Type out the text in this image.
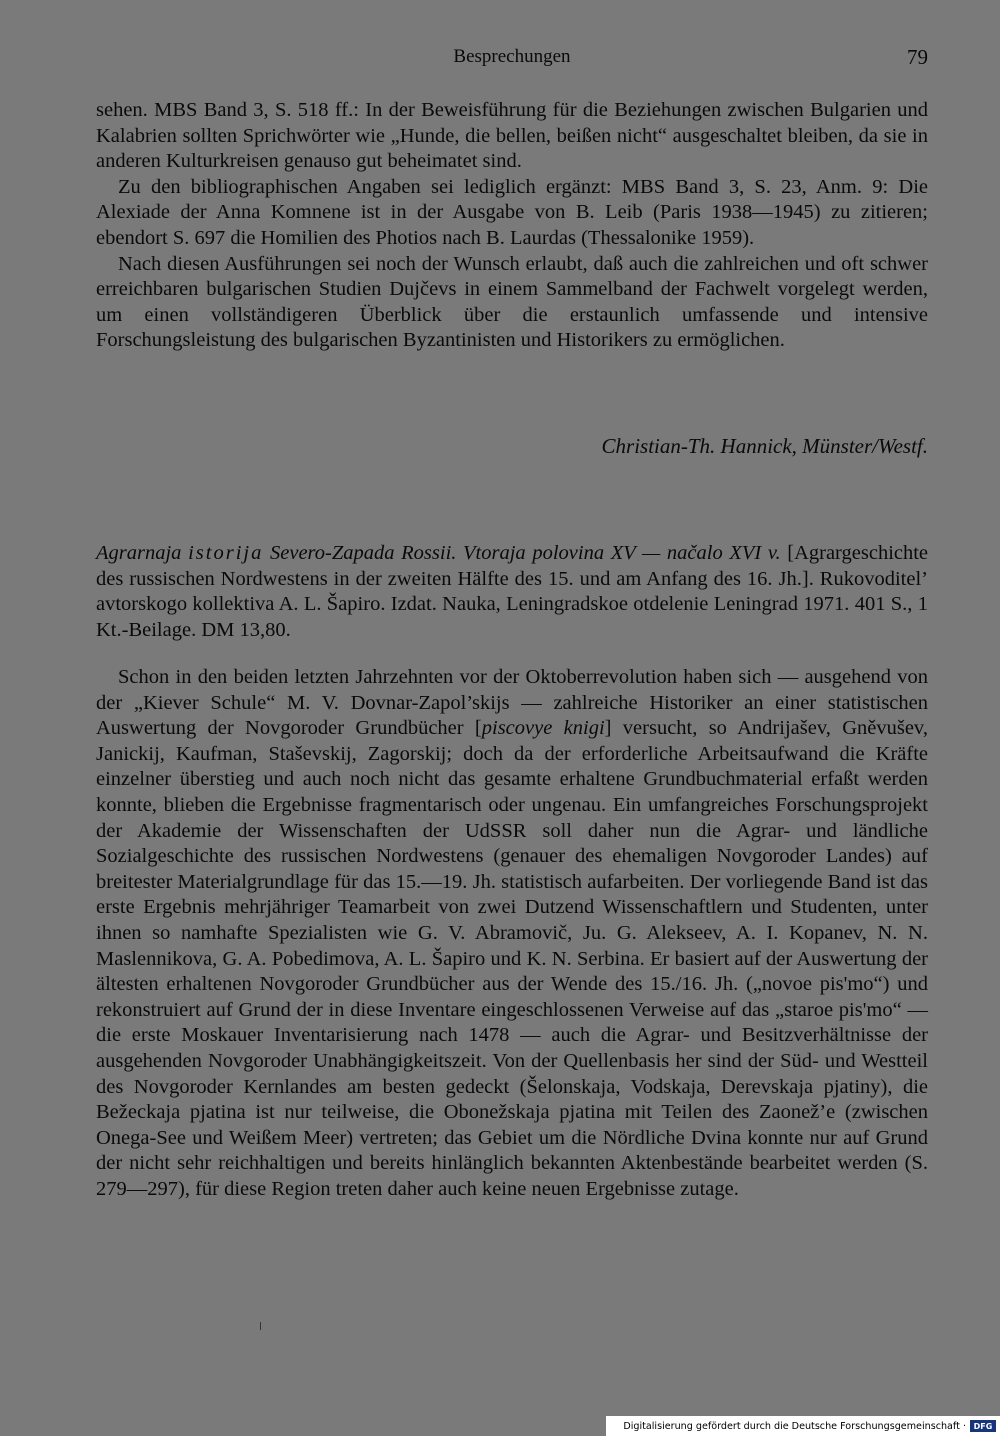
Besprechungen	79

sehen. MBS Band 3, S. 518 ff.: In der Beweisführung für die Beziehungen zwischen Bulgarien und Kalabrien sollten Sprichwörter wie „Hunde, die bellen, beißen nicht“ ausgeschaltet bleiben, da sie in anderen Kulturkreisen genauso gut beheimatet sind.

Zu den bibliographischen Angaben sei lediglich ergänzt: MBS Band 3, S. 23, Anm. 9: Die Alexiade der Anna Komnene ist in der Ausgabe von B. Leib (Paris 1938—1945) zu zitieren; ebendort S. 697 die Homilien des Photios nach B. Laurdas (Thessalonike 1959).

Nach diesen Ausführungen sei noch der Wunsch erlaubt, daß auch die zahlreichen und oft schwer erreichbaren bulgarischen Studien Dujčevs in einem Sammelband der Fachwelt vorgelegt werden, um einen vollständigeren Überblick über die erstaunlich umfassende und intensive Forschungsleistung des bulgarischen Byzantinisten und Historikers zu ermöglichen.

Christian-Th. Hannick, Münster/Westf.

Agrarnaja istorija Severo-Zapada Rossii. Vtoraja polovina XV — načalo XVI v. [Agrargeschichte des russischen Nordwestens in der zweiten Hälfte des 15. und am Anfang des 16. Jh.]. Rukovoditel’ avtorskogo kollektiva A. L. Šapiro. Izdat. Nauka, Leningradskoe otdelenie Leningrad 1971. 401 S., 1 Kt.-Beilage. DM 13,80.

Schon in den beiden letzten Jahrzehnten vor der Oktoberrevolution haben sich — ausgehend von der „Kiever Schule“ M. V. Dovnar-Zapol’skijs — zahlreiche Historiker an einer statistischen Auswertung der Novgoroder Grundbücher [piscovye knigi] versucht, so Andrijašev, Gněvušev, Janickij, Kaufman, Staševskij, Zagorskij; doch da der erforderliche Arbeitsaufwand die Kräfte einzelner überstieg und auch noch nicht das gesamte erhaltene Grundbuchmaterial erfaßt werden konnte, blieben die Ergebnisse fragmentarisch oder ungenau. Ein umfangreiches Forschungsprojekt der Akademie der Wissenschaften der UdSSR soll daher nun die Agrar- und ländliche Sozialgeschichte des russischen Nordwestens (genauer des ehemaligen Novgoroder Landes) auf breitester Materialgrundlage für das 15.—19. Jh. statistisch aufarbeiten. Der vorliegende Band ist das erste Ergebnis mehrjähriger Teamarbeit von zwei Dutzend Wissenschaftlern und Studenten, unter ihnen so namhafte Spezialisten wie G. V. Abramovič, Ju. G. Alekseev, A. I. Kopanev, N. N. Maslennikova, G. A. Pobedimova, A. L. Šapiro und K. N. Serbina. Er basiert auf der Auswertung der ältesten erhaltenen Novgoroder Grundbücher aus der Wende des 15./16. Jh. („novoe pis'mo“) und rekonstruiert auf Grund der in diese Inventare eingeschlossenen Verweise auf das „staroe pis'mo“ — die erste Moskauer Inventarisierung nach 1478 — auch die Agrar- und Besitzverhältnisse der ausgehenden Novgoroder Unabhängigkeitszeit. Von der Quellenbasis her sind der Süd- und Westteil des Novgoroder Kernlandes am besten gedeckt (Šelonskaja, Vodskaja, Derevskaja pjatiny), die Bežeckaja pjatina ist nur teilweise, die Obonežskaja pjatina mit Teilen des Zaonež’e (zwischen Onega-See und Weißem Meer) vertreten; das Gebiet um die Nördliche Dvina konnte nur auf Grund der nicht sehr reichhaltigen und bereits hinlänglich bekannten Aktenbestände bearbeitet werden (S. 279—297), für diese Region treten daher auch keine neuen Ergebnisse zutage.

Digitalisierung gefördert durch die Deutsche Forschungsgemeinschaft · DFG
